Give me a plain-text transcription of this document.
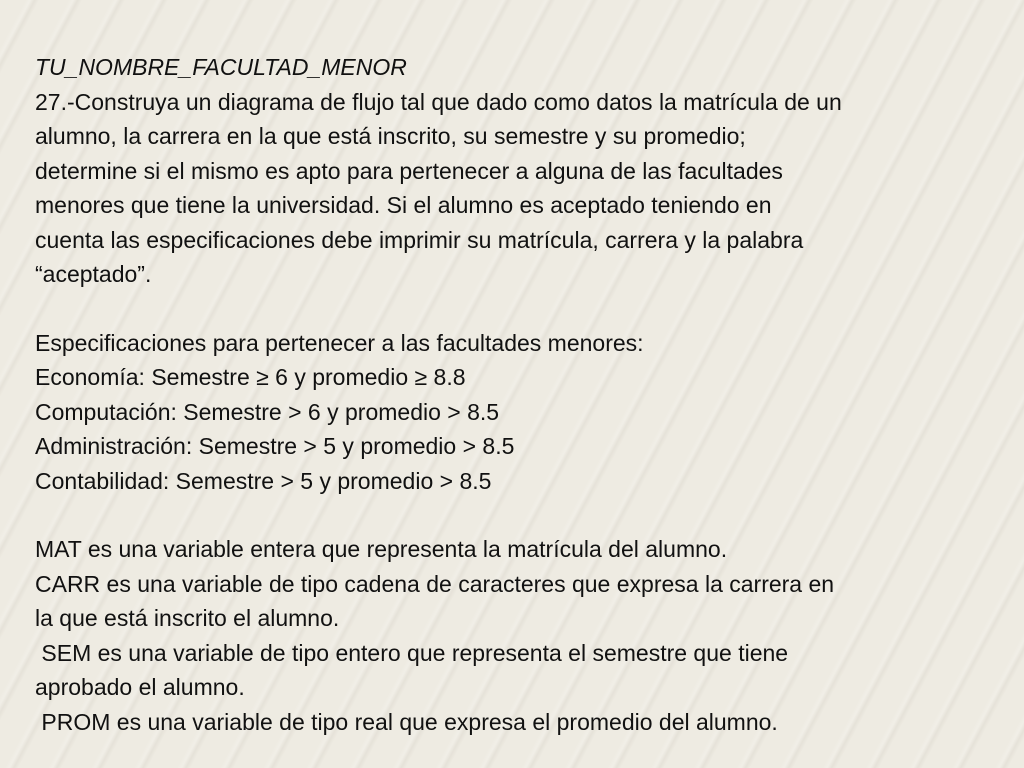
TU_NOMBRE_FACULTAD_MENOR

27.-Construya un diagrama de flujo tal que dado como datos la matrícula de un

alumno, la carrera en la que está inscrito, su semestre y su promedio;

determine si el mismo es apto para pertenecer a alguna de las facultades

menores que tiene la universidad. Si el alumno es aceptado teniendo en

cuenta las especificaciones debe imprimir su matrícula, carrera y la palabra

“aceptado”.

Especificaciones para pertenecer a las facultades menores:

Economía: Semestre ≥ 6 y promedio ≥ 8.8

Computación: Semestre > 6 y promedio > 8.5

Administración: Semestre > 5 y promedio > 8.5

Contabilidad: Semestre > 5 y promedio > 8.5

MAT es una variable entera que representa la matrícula del alumno.

CARR es una variable de tipo cadena de caracteres que expresa la carrera en

la que está inscrito el alumno.

SEM es una variable de tipo entero que representa el semestre que tiene

aprobado el alumno.

PROM es una variable de tipo real que expresa el promedio del alumno.
